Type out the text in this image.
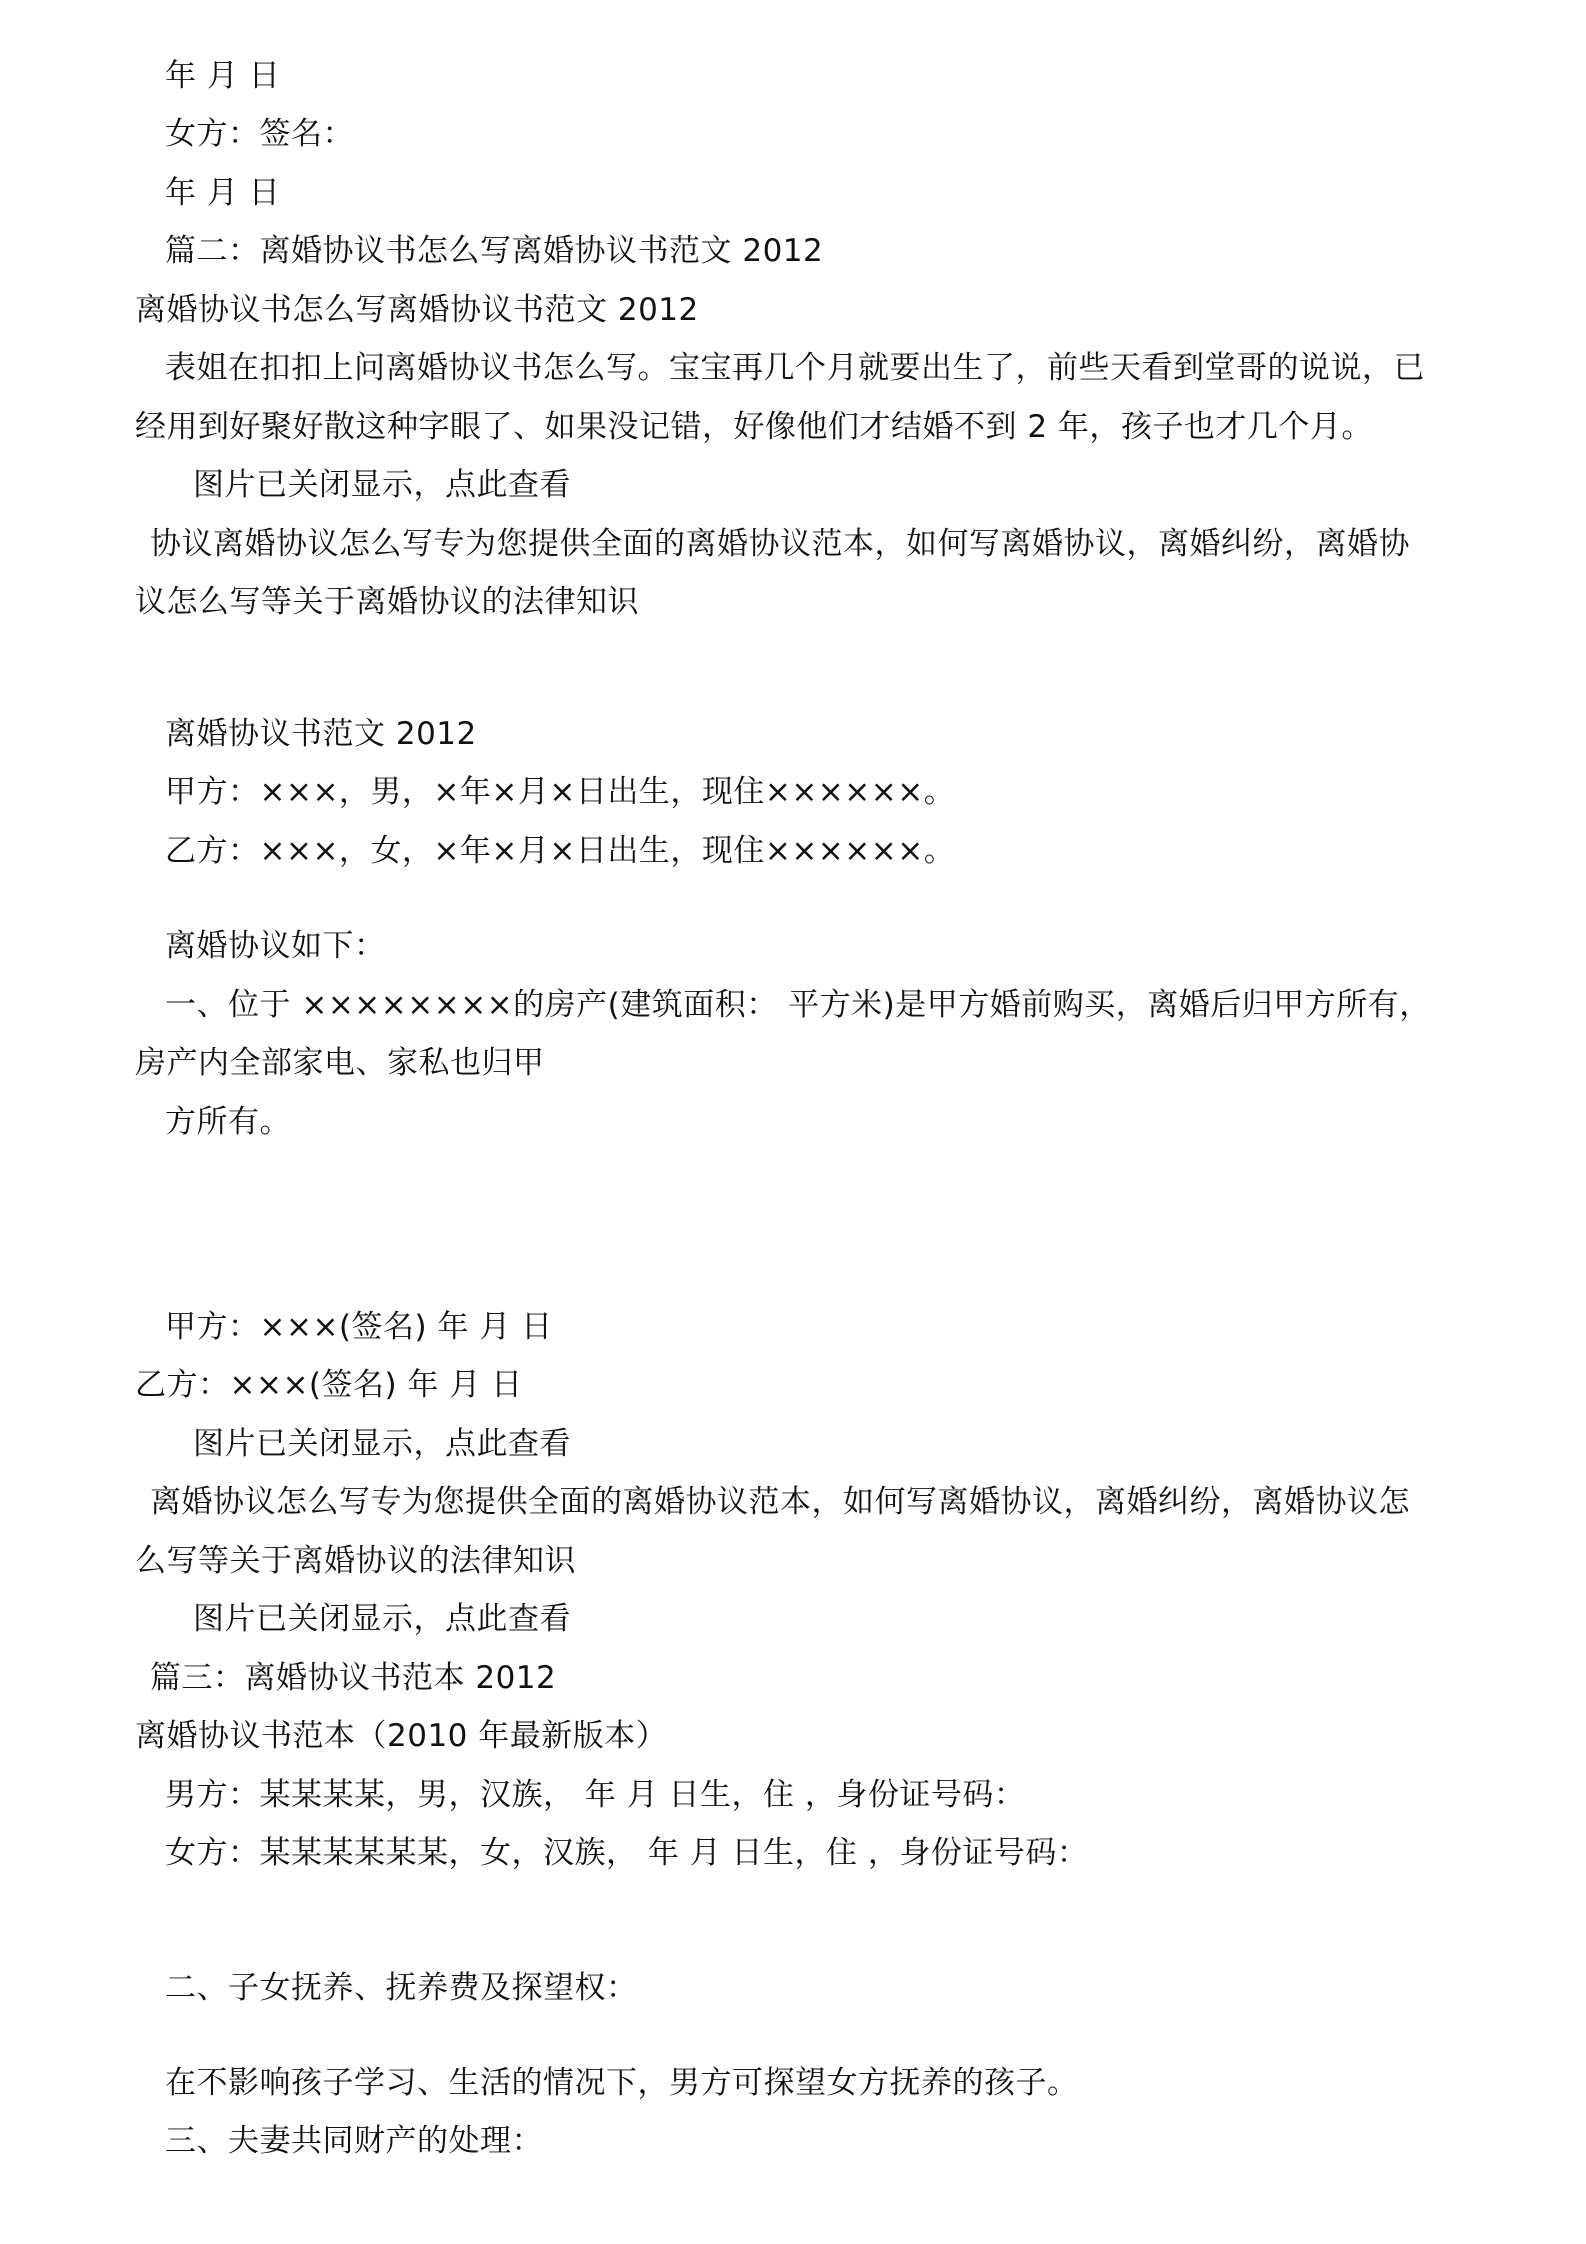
年 月 日
女方：签名：
年 月 日
篇二：离婚协议书怎么写离婚协议书范文 2012
离婚协议书怎么写离婚协议书范文 2012
表姐在扣扣上问离婚协议书怎么写。宝宝再几个月就要出生了，前些天看到堂哥的说说，已
经用到好聚好散这种字眼了、如果没记错，好像他们才结婚不到 2 年，孩子也才几个月。
图片已关闭显示，点此查看
协议离婚协议怎么写专为您提供全面的离婚协议范本，如何写离婚协议，离婚纠纷，离婚协
议怎么写等关于离婚协议的法律知识
离婚协议书范文 2012
甲方：×××，男，×年×月×日出生，现住××××××。
乙方：×××，女，×年×月×日出生，现住××××××。
离婚协议如下：
一、位于 ××××××××的房产(建筑面积： 平方米)是甲方婚前购买，离婚后归甲方所有，
房产内全部家电、家私也归甲
方所有。
甲方：×××(签名) 年 月 日
乙方：×××(签名) 年 月 日
图片已关闭显示，点此查看
离婚协议怎么写专为您提供全面的离婚协议范本，如何写离婚协议，离婚纠纷，离婚协议怎
么写等关于离婚协议的法律知识
图片已关闭显示，点此查看
篇三：离婚协议书范本 2012
离婚协议书范本（2010 年最新版本）
男方：某某某某，男，汉族， 年 月 日生，住 ，身份证号码：
女方：某某某某某某，女，汉族， 年 月 日生，住 ，身份证号码：
二、子女抚养、抚养费及探望权：
在不影响孩子学习、生活的情况下，男方可探望女方抚养的孩子。
三、夫妻共同财产的处理：
